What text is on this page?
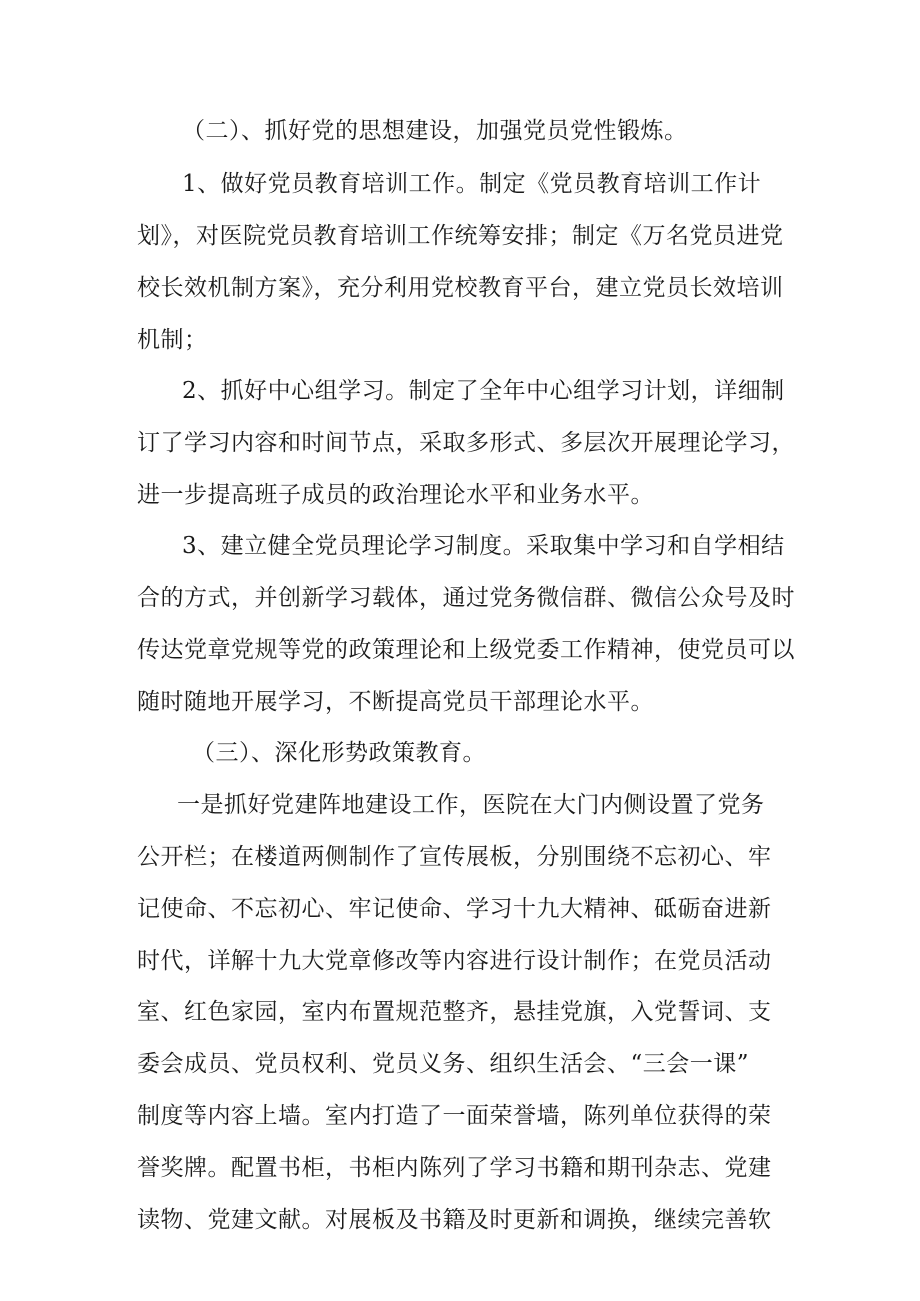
（二）、抓好党的思想建设，加强党员党性锻炼。
1、做好党员教育培训工作。制定《党员教育培训工作计
划》，对医院党员教育培训工作统筹安排；制定《万名党员进党
校长效机制方案》，充分利用党校教育平台，建立党员长效培训
机制；
2、抓好中心组学习。制定了全年中心组学习计划，详细制
订了学习内容和时间节点，采取多形式、多层次开展理论学习，
进一步提高班子成员的政治理论水平和业务水平。
3、建立健全党员理论学习制度。采取集中学习和自学相结
合的方式，并创新学习载体，通过党务微信群、微信公众号及时
传达党章党规等党的政策理论和上级党委工作精神，使党员可以
随时随地开展学习，不断提高党员干部理论水平。
（三）、深化形势政策教育。
一是抓好党建阵地建设工作，医院在大门内侧设置了党务
公开栏；在楼道两侧制作了宣传展板，分别围绕不忘初心、牢
记使命、不忘初心、牢记使命、学习十九大精神、砥砺奋进新
时代，详解十九大党章修改等内容进行设计制作；在党员活动
室、红色家园，室内布置规范整齐，悬挂党旗，入党誓词、支
委会成员、党员权利、党员义务、组织生活会、“三会一课”
制度等内容上墙。室内打造了一面荣誉墙，陈列单位获得的荣
誉奖牌。配置书柜，书柜内陈列了学习书籍和期刊杂志、党建
读物、党建文献。对展板及书籍及时更新和调换，继续完善软
